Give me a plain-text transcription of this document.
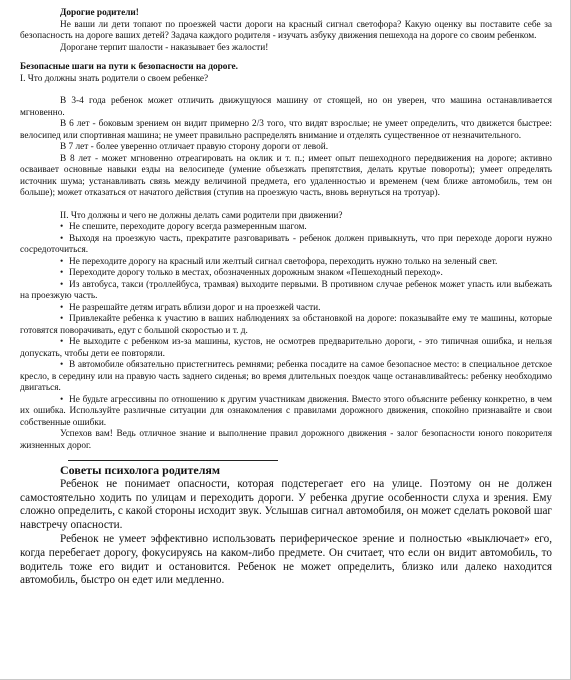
Дорогие родители!

Не ваши ли дети топают по проезжей части дороги на красный сигнал светофора? Какую оценку вы поставите себе за безопасность на дороге ваших детей? Задача каждого родителя - изучать азбуку движения пешехода на дороге со своим ребенком.

Дорогане терпит шалости - наказывает без жалости!

Безопасные шаги на пути к безопасности на дороге.

I. Что должны знать родители о своем ребенке?

В 3-4 года ребенок может отличить движущуюся машину от стоящей, но он уверен, что машина останавливается мгновенно.

В 6 лет - боковым зрением он видит примерно 2/3 того, что видят взрослые; не умеет определить, что движется быстрее: велосипед или спортивная машина; не умеет правильно распределять внимание и отделять существенное от незначительного.

В 7 лет - более уверенно отличает правую сторону дороги от левой.

В 8 лет - может мгновенно отреагировать на оклик и т. п.; имеет опыт пешеходного передвижения на дороге; активно осваивает основные навыки езды на велосипеде (умение объезжать препятствия, делать крутые повороты); умеет определять источник шума; устанавливать связь между величиной предмета, его удаленностью и временем (чем ближе автомобиль, тем он больше); может отказаться от начатого действия (ступив на проезжую часть, вновь вернуться на тротуар).

II. Что должны и чего не должны делать сами родители при движении?

• Не спешите, переходите дорогу всегда размеренным шагом.
• Выходя на проезжую часть, прекратите разговаривать - ребенок должен привыкнуть, что при переходе дороги нужно сосредоточиться.
• Не переходите дорогу на красный или желтый сигнал светофора, переходить нужно только на зеленый свет.
• Переходите дорогу только в местах, обозначенных дорожным знаком «Пешеходный переход».
• Из автобуса, такси (троллейбуса, трамвая) выходите первыми. В противном случае ребенок может упасть или выбежать на проезжую часть.
• Не разрешайте детям играть вблизи дорог и на проезжей части.
• Привлекайте ребенка к участию в ваших наблюдениях за обстановкой на дороге: показывайте ему те машины, которые готовятся поворачивать, едут с большой скоростью и т. д.
• Не выходите с ребенком из-за машины, кустов, не осмотрев предварительно дороги, - это типичная ошибка, и нельзя допускать, чтобы дети ее повторяли.
• В автомобиле обязательно пристегнитесь ремнями; ребенка посадите на самое безопасное место: в специальное детское кресло, в середину или на правую часть заднего сиденья; во время длительных поездок чаще останавливайтесь: ребенку необходимо двигаться.
• Не будьте агрессивны по отношению к другим участникам движения. Вместо этого объясните ребенку конкретно, в чем их ошибка. Используйте различные ситуации для ознакомления с правилами дорожного движения, спокойно признавайте и свои собственные ошибки.

Успехов вам! Ведь отличное знание и выполнение правил дорожного движения - залог безопасности юного покорителя жизненных дорог.

Советы психолога родителям

Ребенок не понимает опасности, которая подстерегает его на улице. Поэтому он не должен самостоятельно ходить по улицам и переходить дороги. У ребенка другие особенности слуха и зрения. Ему сложно определить, с какой стороны исходит звук. Услышав сигнал автомобиля, он может сделать роковой шаг навстречу опасности.

Ребенок не умеет эффективно использовать периферическое зрение и полностью «выключает» его, когда перебегает дорогу, фокусируясь на каком-либо предмете. Он считает, что если он видит автомобиль, то водитель тоже его видит и остановится. Ребенок не может определить, близко или далеко находится автомобиль, быстро он едет или медленно.
